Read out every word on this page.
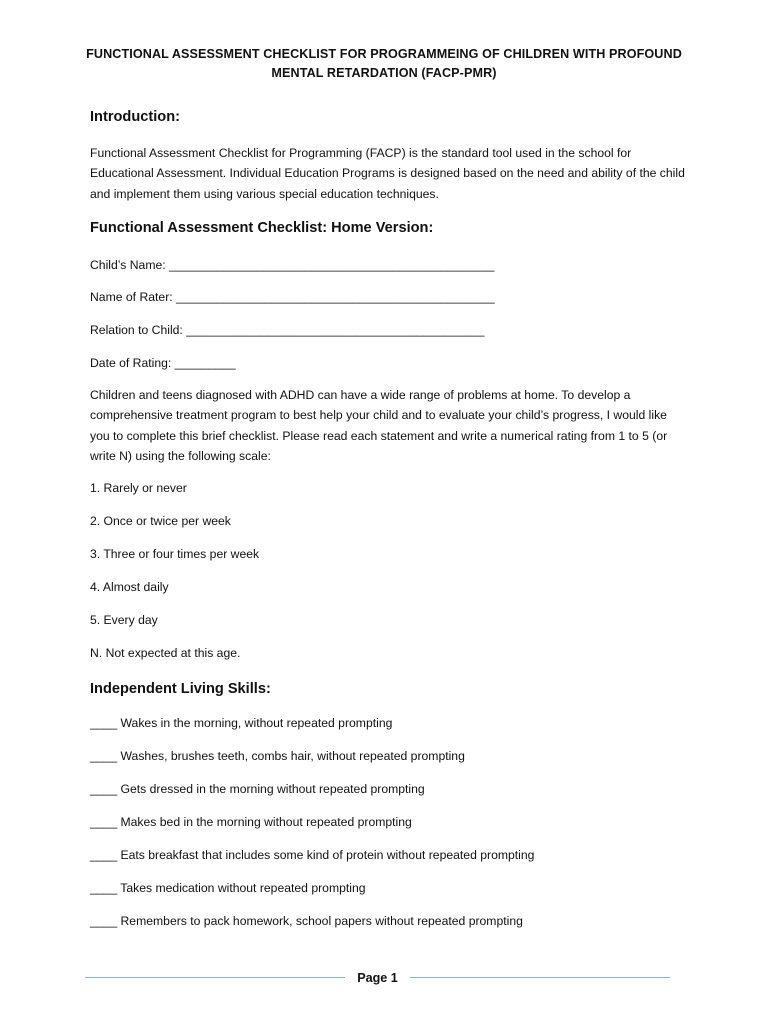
FUNCTIONAL ASSESSMENT CHECKLIST FOR PROGRAMMEING OF CHILDREN WITH PROFOUND MENTAL RETARDATION (FACP-PMR)
Introduction:
Functional Assessment Checklist for Programming (FACP) is the standard tool used in the school for Educational Assessment. Individual Education Programs is designed based on the need and ability of the child and implement them using various special education techniques.
Functional Assessment Checklist: Home Version:
Child’s Name: ________________________________________________
Name of Rater: _______________________________________________
Relation to Child: ____________________________________________
Date of Rating: _________
Children and teens diagnosed with ADHD can have a wide range of problems at home. To develop a comprehensive treatment program to best help your child and to evaluate your child’s progress, I would like you to complete this brief checklist. Please read each statement and write a numerical rating from 1 to 5 (or write N) using the following scale:
1. Rarely or never
2. Once or twice per week
3. Three or four times per week
4. Almost daily
5. Every day
N. Not expected at this age.
Independent Living Skills:
____ Wakes in the morning, without repeated prompting
____ Washes, brushes teeth, combs hair, without repeated prompting
____ Gets dressed in the morning without repeated prompting
____ Makes bed in the morning without repeated prompting
____ Eats breakfast that includes some kind of protein without repeated prompting
____ Takes medication without repeated prompting
____ Remembers to pack homework, school papers without repeated prompting
Page 1
